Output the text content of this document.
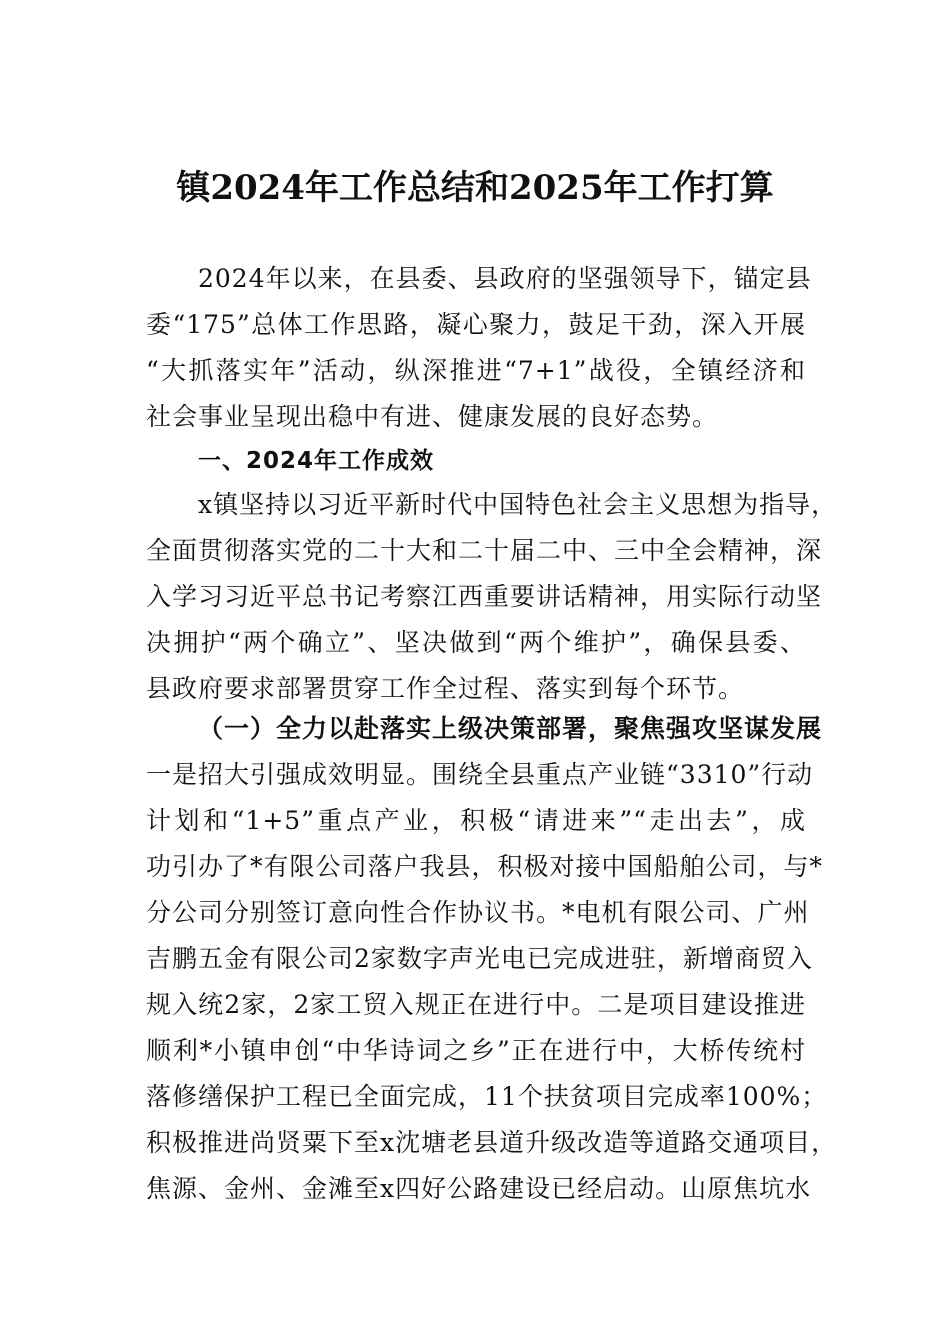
镇2024年工作总结和2025年工作打算
2024年以来，在县委、县政府的坚强领导下，锚定县
委“175”总体工作思路，凝心聚力，鼓足干劲，深入开展
“大抓落实年”活动，纵深推进“7+1”战役，全镇经济和
社会事业呈现出稳中有进、健康发展的良好态势。
一、2024年工作成效
x镇坚持以习近平新时代中国特色社会主义思想为指导，
全面贯彻落实党的二十大和二十届二中、三中全会精神，深
入学习习近平总书记考察江西重要讲话精神，用实际行动坚
决拥护“两个确立”、坚决做到“两个维护”，确保县委、
县政府要求部署贯穿工作全过程、落实到每个环节。
（一）全力以赴落实上级决策部署，聚焦强攻坚谋发展
一是招大引强成效明显。围绕全县重点产业链“3310”行动
计划和“1+5”重点产业，积极“请进来”“走出去”，成
功引办了*有限公司落户我县，积极对接中国船舶公司，与*
分公司分别签订意向性合作协议书。*电机有限公司、广州
吉鹏五金有限公司2家数字声光电已完成进驻，新增商贸入
规入统2家，2家工贸入规正在进行中。二是项目建设推进
顺利*小镇申创“中华诗词之乡”正在进行中，大桥传统村
落修缮保护工程已全面完成，11个扶贫项目完成率100%；
积极推进尚贤粟下至x沈塘老县道升级改造等道路交通项目，
焦源、金州、金滩至x四好公路建设已经启动。山原焦坑水
